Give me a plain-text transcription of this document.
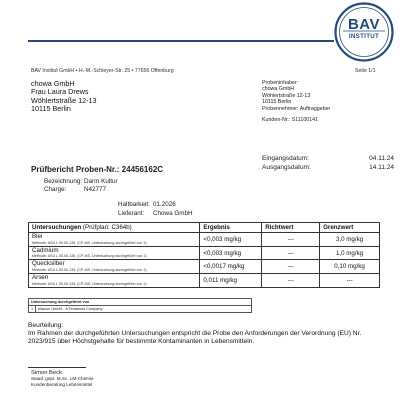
BAV
INSTITUT
BAV Institut GmbH • H.-M.-Schleyer-Str. 25 • 77656 Offenburg	Seite 1/1
chowa GmbH
Frau Laura Drews
Wöhlertstraße 12-13
10115 Berlin
Probeninhaber:
chowa GmbH
Wöhlertstraße 12-13
10115 Berlin
Probennehmer: Auftraggeber
Kunden-Nr.: S11100141
Eingangsdatum:	04.11.24
Ausgangsdatum:	14.11.24
Prüfbericht Proben-Nr.: 24456162C
Bezeichnung: Darm Kultur
Charge:	N42777
Haltbarkeit: 01.2026
Lieferant:	Chowa GmbH
Untersuchungen (Prüfplan: C364b)	Ergebnis	Richtwert	Grenzwert
Blei
Methode: ASU L 00.00-135, (CP-MS, Untersuchung durchgeführt von 1)	<0,003 mg/kg	---	3,0 mg/kg
Cadmium
Methode: ASU L 00.00-135, (CP-MS, Untersuchung durchgeführt von 1)	<0,003 mg/kg	---	1,0 mg/kg
Quecksilber
Methode: ASU L 00.00-135, (CP-MS, Untersuchung durchgeführt von 1)	<0,0017 mg/kg	---	0,10 mg/kg
Arsen
Methode: ASU L 00.00-135, (CP-MS, Untersuchung durchgeführt von 1)	0,011 mg/kg	---	---
Untersuchung durchgeführt von
1	bilacon GmbH - A Tentamus Company
Beurteilung:
Im Rahmen der durchgeführten Untersuchungen entspricht die Probe den Anforderungen der Verordnung (EU) Nr. 2023/915 über Höchstgehalte für bestimmte Kontaminanten in Lebensmitteln.
Simon Beck
Staatl. gepr. M.Sc. LM-Chemie
Kundenberatung Lebensmittel
